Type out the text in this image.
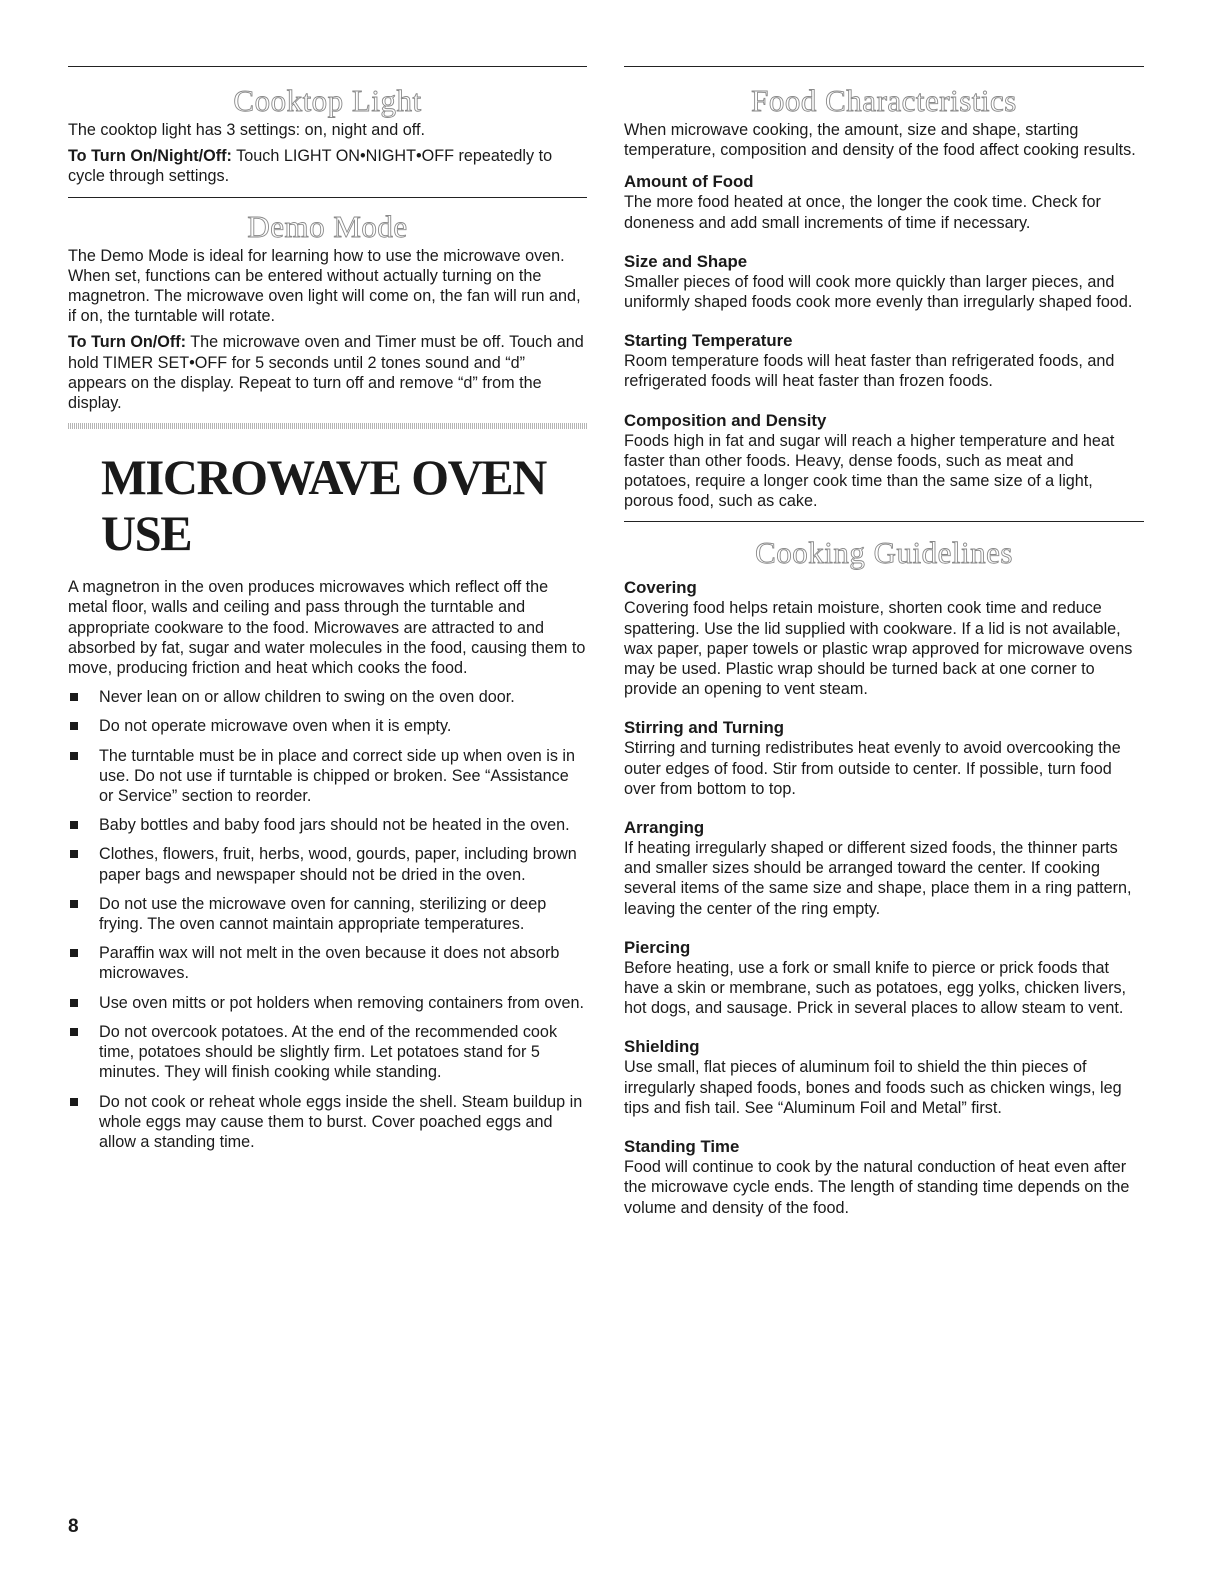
Cooktop Light

The cooktop light has 3 settings: on, night and off.

To Turn On/Night/Off: Touch LIGHT ON•NIGHT•OFF repeatedly to cycle through settings.

Demo Mode

The Demo Mode is ideal for learning how to use the microwave oven. When set, functions can be entered without actually turning on the magnetron. The microwave oven light will come on, the fan will run and, if on, the turntable will rotate.

To Turn On/Off: The microwave oven and Timer must be off. Touch and hold TIMER SET•OFF for 5 seconds until 2 tones sound and “d” appears on the display. Repeat to turn off and remove “d” from the display.

MICROWAVE OVEN USE

A magnetron in the oven produces microwaves which reflect off the metal floor, walls and ceiling and pass through the turntable and appropriate cookware to the food. Microwaves are attracted to and absorbed by fat, sugar and water molecules in the food, causing them to move, producing friction and heat which cooks the food.

Never lean on or allow children to swing on the oven door.
Do not operate microwave oven when it is empty.
The turntable must be in place and correct side up when oven is in use. Do not use if turntable is chipped or broken. See “Assistance or Service” section to reorder.
Baby bottles and baby food jars should not be heated in the oven.
Clothes, flowers, fruit, herbs, wood, gourds, paper, including brown paper bags and newspaper should not be dried in the oven.
Do not use the microwave oven for canning, sterilizing or deep frying. The oven cannot maintain appropriate temperatures.
Paraffin wax will not melt in the oven because it does not absorb microwaves.
Use oven mitts or pot holders when removing containers from oven.
Do not overcook potatoes. At the end of the recommended cook time, potatoes should be slightly firm. Let potatoes stand for 5 minutes. They will finish cooking while standing.
Do not cook or reheat whole eggs inside the shell. Steam buildup in whole eggs may cause them to burst. Cover poached eggs and allow a standing time.
Food Characteristics

When microwave cooking, the amount, size and shape, starting temperature, composition and density of the food affect cooking results.

Amount of Food

The more food heated at once, the longer the cook time. Check for doneness and add small increments of time if necessary.

Size and Shape

Smaller pieces of food will cook more quickly than larger pieces, and uniformly shaped foods cook more evenly than irregularly shaped food.

Starting Temperature

Room temperature foods will heat faster than refrigerated foods, and refrigerated foods will heat faster than frozen foods.

Composition and Density

Foods high in fat and sugar will reach a higher temperature and heat faster than other foods. Heavy, dense foods, such as meat and potatoes, require a longer cook time than the same size of a light, porous food, such as cake.

Cooking Guidelines
Covering

Covering food helps retain moisture, shorten cook time and reduce spattering. Use the lid supplied with cookware. If a lid is not available, wax paper, paper towels or plastic wrap approved for microwave ovens may be used. Plastic wrap should be turned back at one corner to provide an opening to vent steam.

Stirring and Turning

Stirring and turning redistributes heat evenly to avoid overcooking the outer edges of food. Stir from outside to center. If possible, turn food over from bottom to top.

Arranging

If heating irregularly shaped or different sized foods, the thinner parts and smaller sizes should be arranged toward the center. If cooking several items of the same size and shape, place them in a ring pattern, leaving the center of the ring empty.

Piercing

Before heating, use a fork or small knife to pierce or prick foods that have a skin or membrane, such as potatoes, egg yolks, chicken livers, hot dogs, and sausage. Prick in several places to allow steam to vent.

Shielding

Use small, flat pieces of aluminum foil to shield the thin pieces of irregularly shaped foods, bones and foods such as chicken wings, leg tips and fish tail. See “Aluminum Foil and Metal” first.

Standing Time

Food will continue to cook by the natural conduction of heat even after the microwave cycle ends. The length of standing time depends on the volume and density of the food.

8
